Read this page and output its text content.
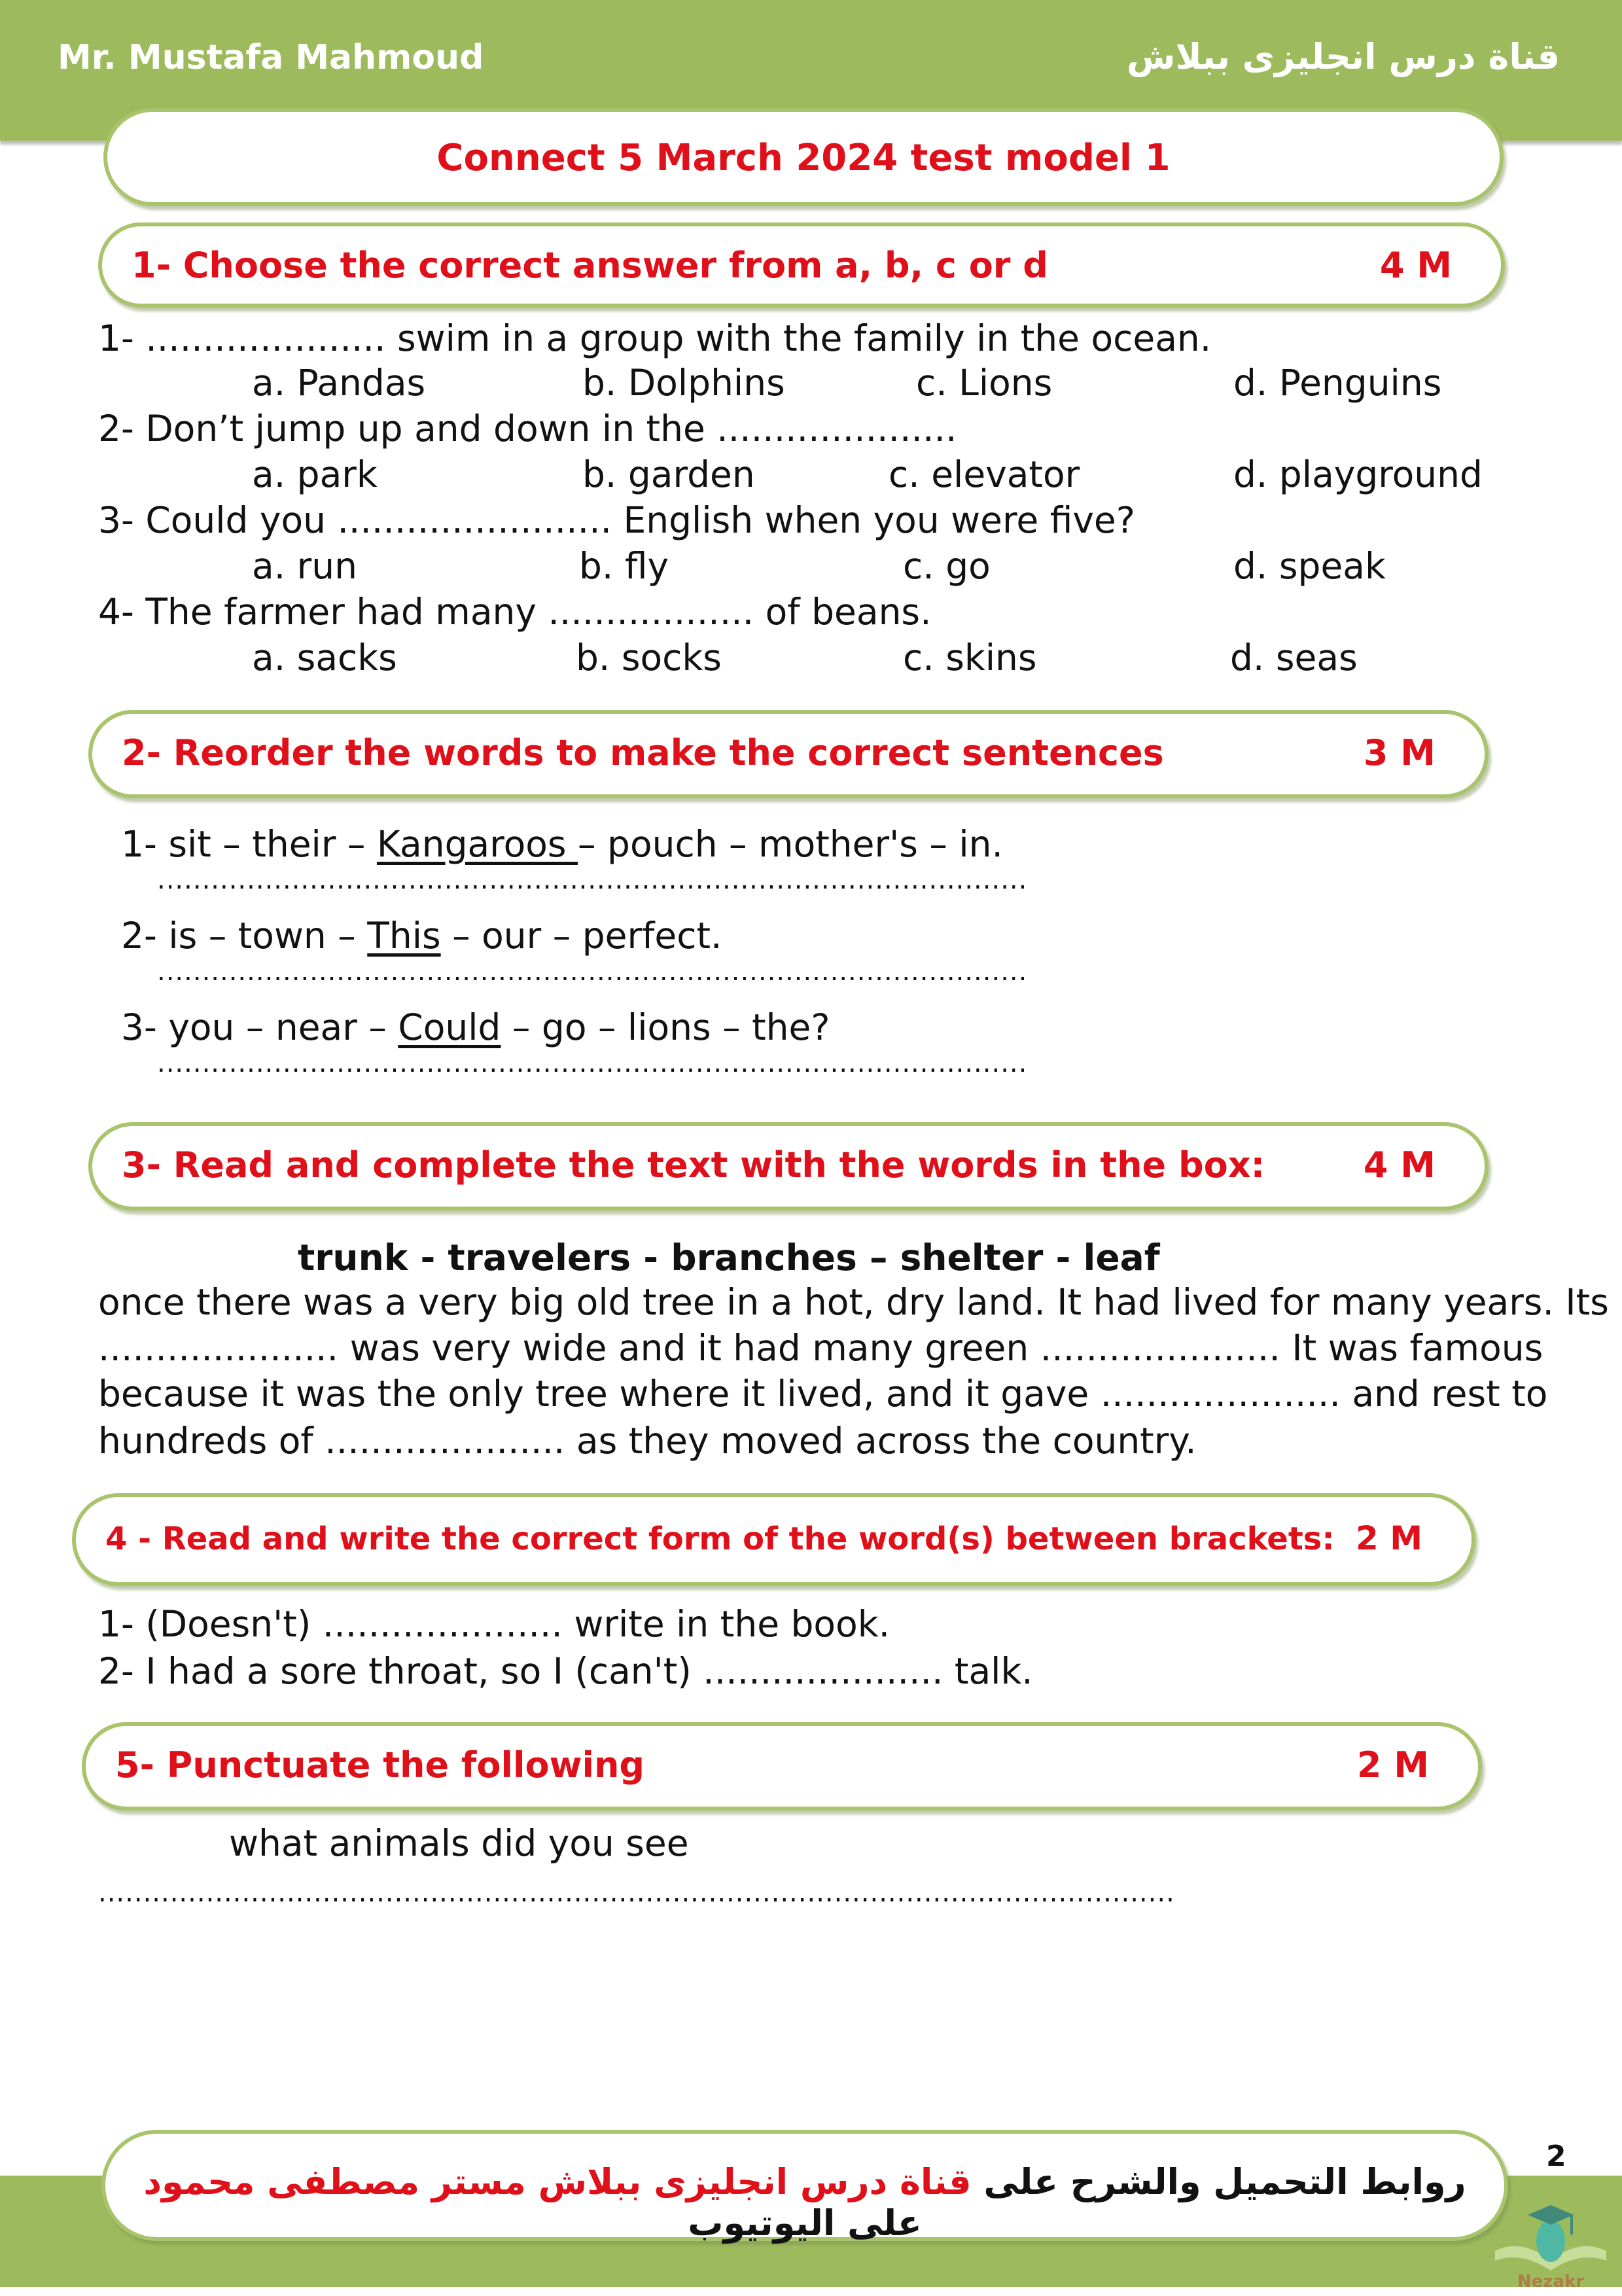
Mr. Mustafa Mahmoud	قناة درس انجليزى ببلاش
Connect 5 March 2024 test model 1
1- Choose the correct answer from a, b, c or d	4 M
1- ..................... swim in a group with the family in the ocean.
a. Pandas	b. Dolphins	c. Lions	d. Penguins
2- Don’t jump up and down in the .....................
a. park	b. garden	c. elevator	d. playground
3- Could you ........................ English when you were five?
a. run	b. fly	c. go	d. speak
4- The farmer had many .................. of beans.
a. sacks	b. socks	c. skins	d. seas
2- Reorder the words to make the correct sentences	3 M
1- sit – their – Kangaroos – pouch – mother's – in.
.................................................................................................
2- is – town – This – our – perfect.
.................................................................................................
3- you – near – Could – go – lions – the?
.................................................................................................
3- Read and complete the text with the words in the box:	4 M
trunk - travelers - branches – shelter - leaf
once there was a very big old tree in a hot, dry land. It had lived for many years. Its
..................... was very wide and it had many green ..................... It was famous
because it was the only tree where it lived, and it gave ..................... and rest to
hundreds of ..................... as they moved across the country.
4 - Read and write the correct form of the word(s) between brackets: 2 M
1- (Doesn't) ..................... write in the book.
2- I had a sore throat, so I (can't) ..................... talk.
5- Punctuate the following	2 M
what animals did you see
........................................................................................................................
روابط التحميل والشرح على قناة درس انجليزى ببلاش مستر مصطفى محمود على اليوتيوب
2
Nezakr
